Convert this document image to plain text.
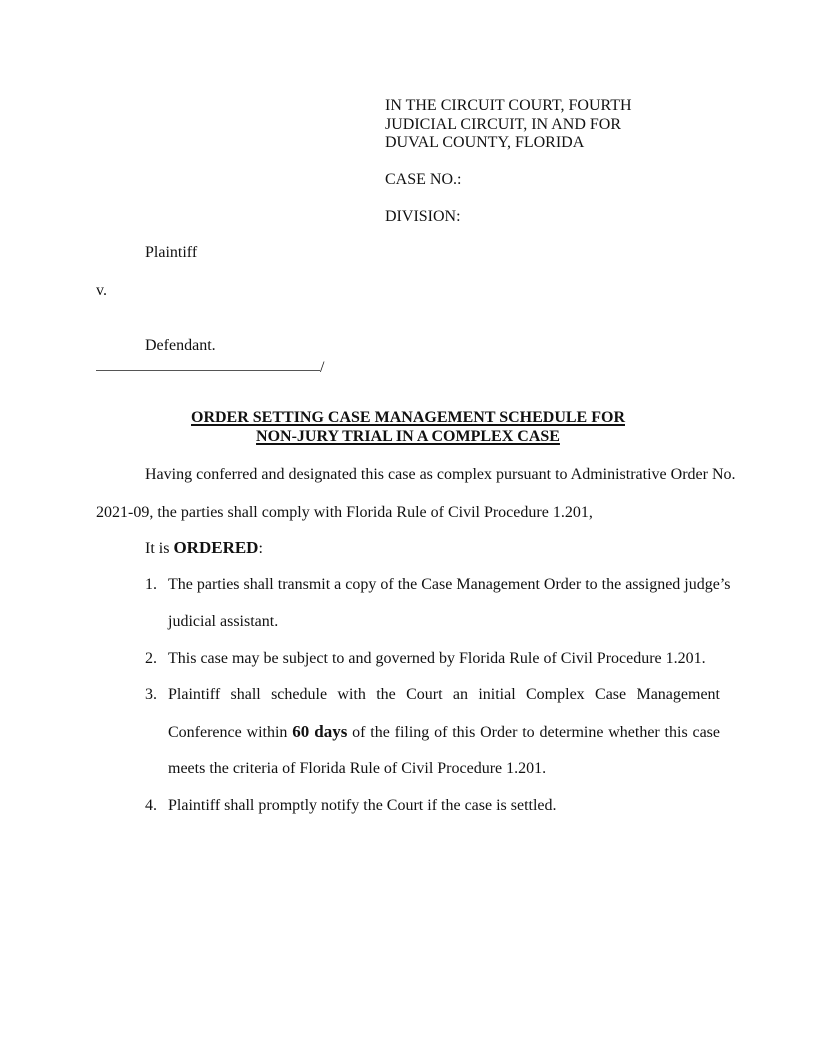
IN THE CIRCUIT COURT, FOURTH
JUDICIAL CIRCUIT, IN AND FOR
DUVAL COUNTY, FLORIDA
CASE NO.:
DIVISION:
Plaintiff
v.
Defendant.
/
ORDER SETTING CASE MANAGEMENT SCHEDULE FOR
NON-JURY TRIAL IN A COMPLEX CASE
Having conferred and designated this case as complex pursuant to Administrative Order No.
2021-09, the parties shall comply with Florida Rule of Civil Procedure 1.201,
It is ORDERED:
1. The parties shall transmit a copy of the Case Management Order to the assigned judge’s
judicial assistant.
2. This case may be subject to and governed by Florida Rule of Civil Procedure 1.201.
3. Plaintiff shall schedule with the Court an initial Complex Case Management
Conference within 60 days of the filing of this Order to determine whether this case
meets the criteria of Florida Rule of Civil Procedure 1.201.
4. Plaintiff shall promptly notify the Court if the case is settled.
